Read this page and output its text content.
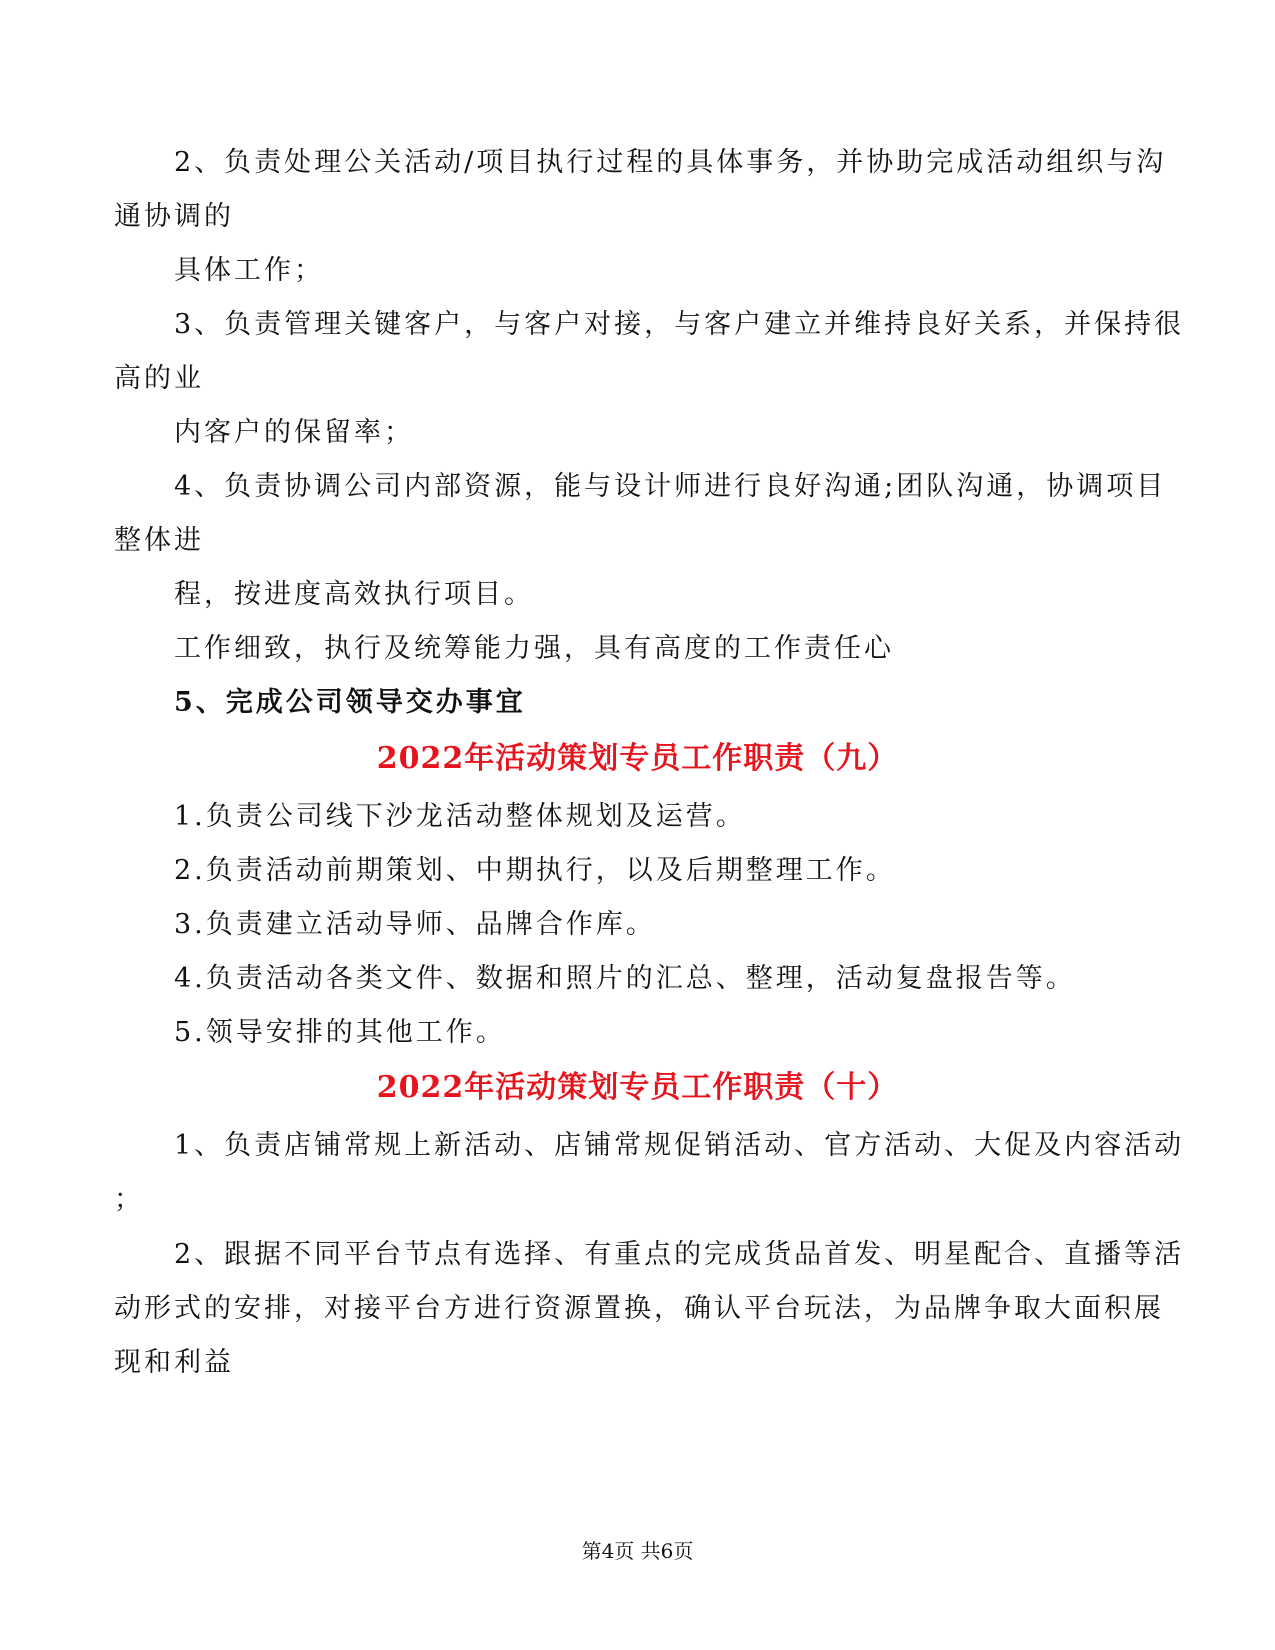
2、负责处理公关活动/项目执行过程的具体事务，并协助完成活动组织与沟
通协调的
具体工作；
3、负责管理关键客户，与客户对接，与客户建立并维持良好关系，并保持很
高的业
内客户的保留率；
4、负责协调公司内部资源，能与设计师进行良好沟通;团队沟通，协调项目
整体进
程，按进度高效执行项目。
工作细致，执行及统筹能力强，具有高度的工作责任心
5、完成公司领导交办事宜
2022年活动策划专员工作职责（九）
1.负责公司线下沙龙活动整体规划及运营。
2.负责活动前期策划、中期执行，以及后期整理工作。
3.负责建立活动导师、品牌合作库。
4.负责活动各类文件、数据和照片的汇总、整理，活动复盘报告等。
5.领导安排的其他工作。
2022年活动策划专员工作职责（十）
1、负责店铺常规上新活动、店铺常规促销活动、官方活动、大促及内容活动
；
2、跟据不同平台节点有选择、有重点的完成货品首发、明星配合、直播等活
动形式的安排，对接平台方进行资源置换，确认平台玩法，为品牌争取大面积展
现和利益
第4页 共6页
